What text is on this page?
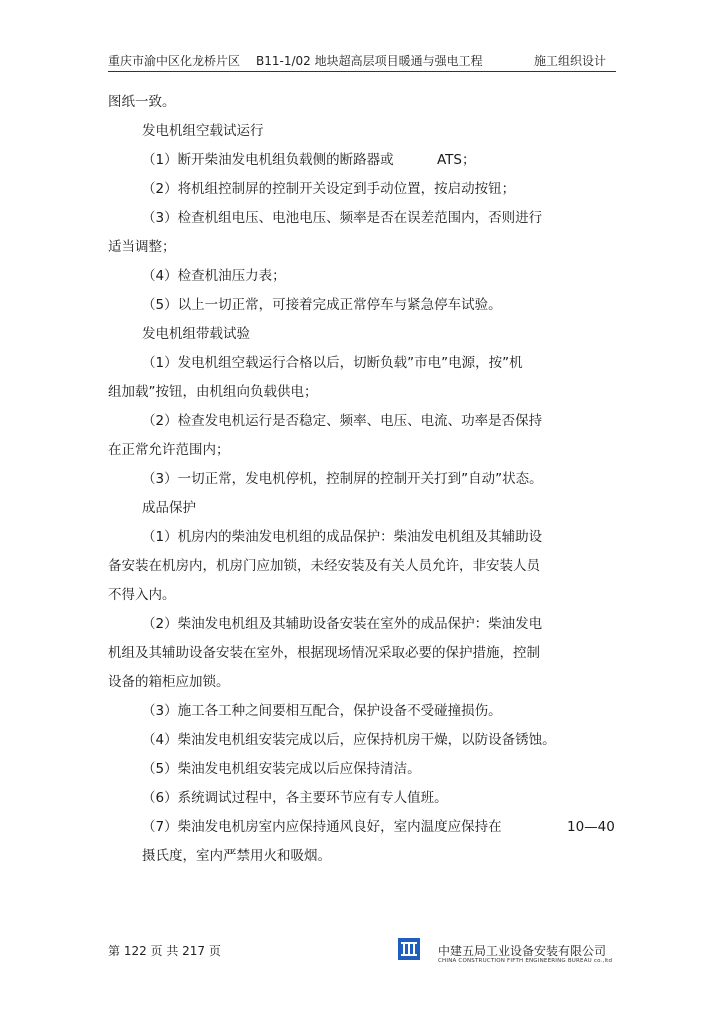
重庆市渝中区化龙桥片区 B11-1/02 地块超高层项目暖通与强电工程	施工组织设计
图纸一致。
发电机组空载试运行
（1）断开柴油发电机组负载侧的断路器或	ATS；
（2）将机组控制屏的控制开关设定到手动位置，按启动按钮；
（3）检查机组电压、电池电压、频率是否在误差范围内，否则进行
适当调整；
（4）检查机油压力表；
（5）以上一切正常，可接着完成正常停车与紧急停车试验。
发电机组带载试验
（1）发电机组空载运行合格以后，切断负载”市电”电源，按”机
组加载”按钮，由机组向负载供电；
（2）检查发电机运行是否稳定、频率、电压、电流、功率是否保持
在正常允许范围内；
（3）一切正常，发电机停机，控制屏的控制开关打到”自动”状态。
成品保护
（1）机房内的柴油发电机组的成品保护：柴油发电机组及其辅助设
备安装在机房内，机房门应加锁，未经安装及有关人员允许，非安装人员
不得入内。
（2）柴油发电机组及其辅助设备安装在室外的成品保护：柴油发电
机组及其辅助设备安装在室外，根据现场情况采取必要的保护措施，控制
设备的箱柜应加锁。
（3）施工各工种之间要相互配合，保护设备不受碰撞损伤。
（4）柴油发电机组安装完成以后，应保持机房干燥，以防设备锈蚀。
（5）柴油发电机组安装完成以后应保持清洁。
（6）系统调试过程中，各主要环节应有专人值班。
（7）柴油发电机房室内应保持通风良好，室内温度应保持在	10—40
摄氏度，室内严禁用火和吸烟。
第 122 页 共 217 页	中建五局工业设备安装有限公司
CHINA CONSTRUCTION FIFTH ENGINEERING BUREAU co.,ltd
